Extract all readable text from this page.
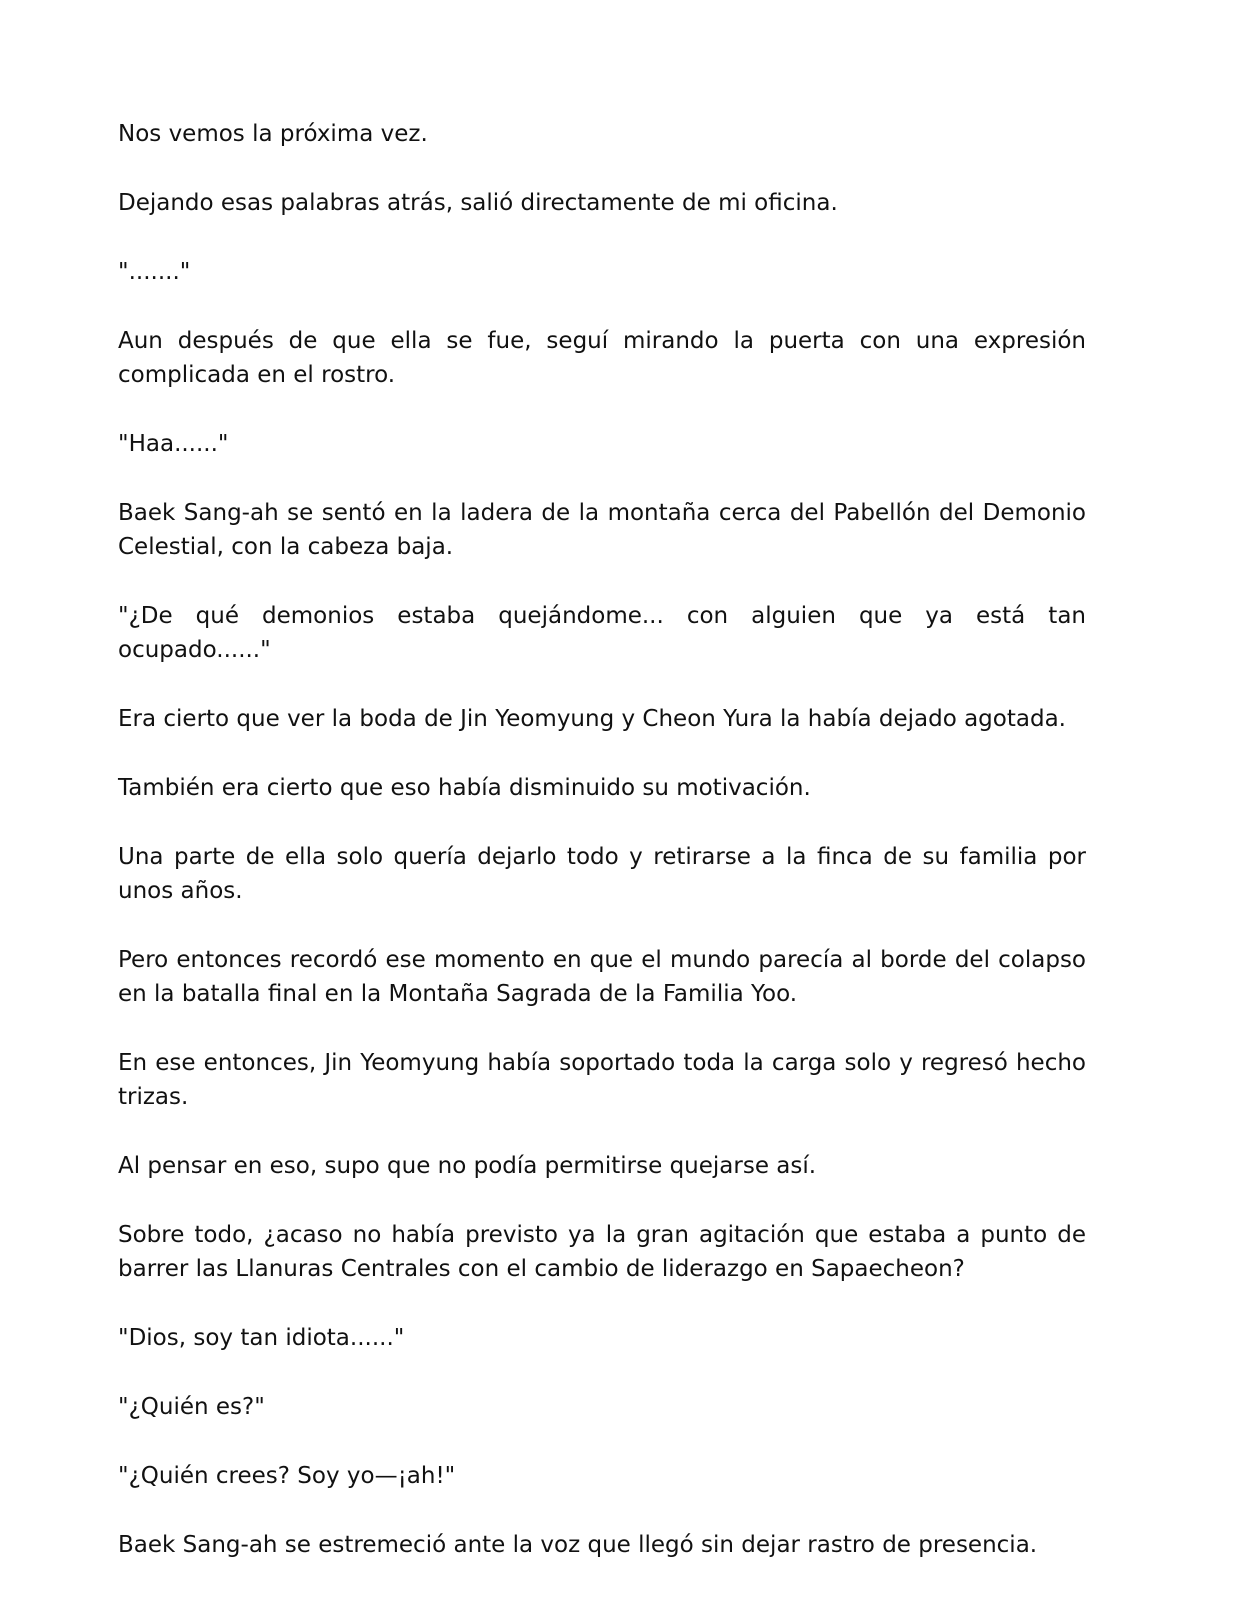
Nos vemos la próxima vez.

Dejando esas palabras atrás, salió directamente de mi oficina.

"......."

Aun después de que ella se fue, seguí mirando la puerta con una expresión complicada en el rostro.

"Haa......"

Baek Sang-ah se sentó en la ladera de la montaña cerca del Pabellón del Demonio Celestial, con la cabeza baja.

"¿De qué demonios estaba quejándome... con alguien que ya está tan ocupado......"

Era cierto que ver la boda de Jin Yeomyung y Cheon Yura la había dejado agotada.

También era cierto que eso había disminuido su motivación.

Una parte de ella solo quería dejarlo todo y retirarse a la finca de su familia por unos años.

Pero entonces recordó ese momento en que el mundo parecía al borde del colapso en la batalla final en la Montaña Sagrada de la Familia Yoo.

En ese entonces, Jin Yeomyung había soportado toda la carga solo y regresó hecho trizas.

Al pensar en eso, supo que no podía permitirse quejarse así.

Sobre todo, ¿acaso no había previsto ya la gran agitación que estaba a punto de barrer las Llanuras Centrales con el cambio de liderazgo en Sapaecheon?

"Dios, soy tan idiota......"

"¿Quién es?"

"¿Quién crees? Soy yo—¡ah!"

Baek Sang-ah se estremeció ante la voz que llegó sin dejar rastro de presencia.
